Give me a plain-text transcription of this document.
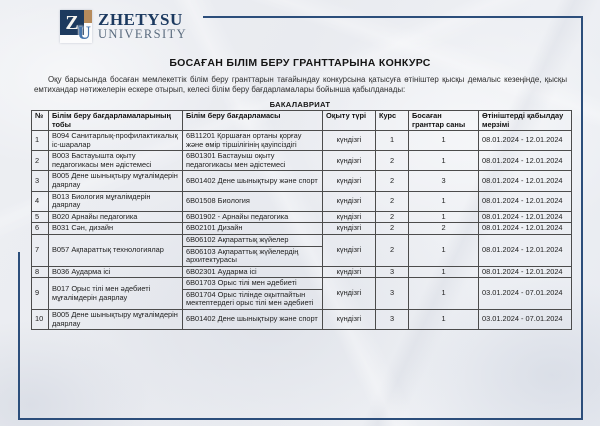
Z
U
ZHETYSU
UNIVERSITY
БОСАҒАН БІЛІМ БЕРУ ГРАНТТАРЫНА КОНКУРС
Оқу барысында босаған мемлекеттік білім беру гранттарын тағайындау конкурсына қатысуға өтініштер қысқы демалыс кезеңінде, қысқы емтихандар нәтижелерін ескере отырып, келесі білім беру бағдарламалары бойынша қабылданады:
БАКАЛАВРИАТ
№	Білім беру бағдарламаларының тобы	Білім беру бағдарламасы	Оқыту түрі	Курс	Босаған гранттар саны	Өтініштерді қабылдау мерзімі
1	B094 Санитарлық-профилактикалық іс-шаралар	6B11201 Қоршаған ортаны қорғау және өмір тіршілігінің қауіпсіздігі	күндізгі	1	1	08.01.2024 - 12.01.2024
2	B003 Бастауышта оқыту педагогикасы мен әдістемесі	6B01301 Бастауыш оқыту педагогикасы мен әдістемесі	күндізгі	2	1	08.01.2024 - 12.01.2024
3	B005 Дене шынықтыру мұғалімдерін даярлау	6B01402 Дене шынықтыру және спорт	күндізгі	2	3	08.01.2024 - 12.01.2024
4	B013 Биология мұғалімдерін даярлау	6B01508 Биология	күндізгі	2	1	08.01.2024 - 12.01.2024
5	B020 Арнайы педагогика	6B01902 - Арнайы педагогика	күндізгі	2	1	08.01.2024 - 12.01.2024
6	B031 Сән, дизайн	6B02101 Дизайн	күндізгі	2	2	08.01.2024 - 12.01.2024
7	B057 Ақпараттық технологиялар	6B06102 Ақпараттық жүйелер	күндізгі	2	1	08.01.2024 - 12.01.2024
		6B06103 Ақпараттық жүйелердің архитектурасы				
8	B036 Аударма ісі	6B02301 Аударма ісі	күндізгі	3	1	08.01.2024 - 12.01.2024
9	B017 Орыс тілі мен әдебиеті мұғалімдерін даярлау	6B01703 Орыс тілі мен әдебиеті	күндізгі	3	1	03.01.2024 - 07.01.2024
		6B01704 Орыс тілінде оқытпайтын мектептердегі орыс тілі мен әдебиеті				
10	B005 Дене шынықтыру мұғалімдерін даярлау	6B01402 Дене шынықтыру және спорт	күндізгі	3	1	03.01.2024 - 07.01.2024
